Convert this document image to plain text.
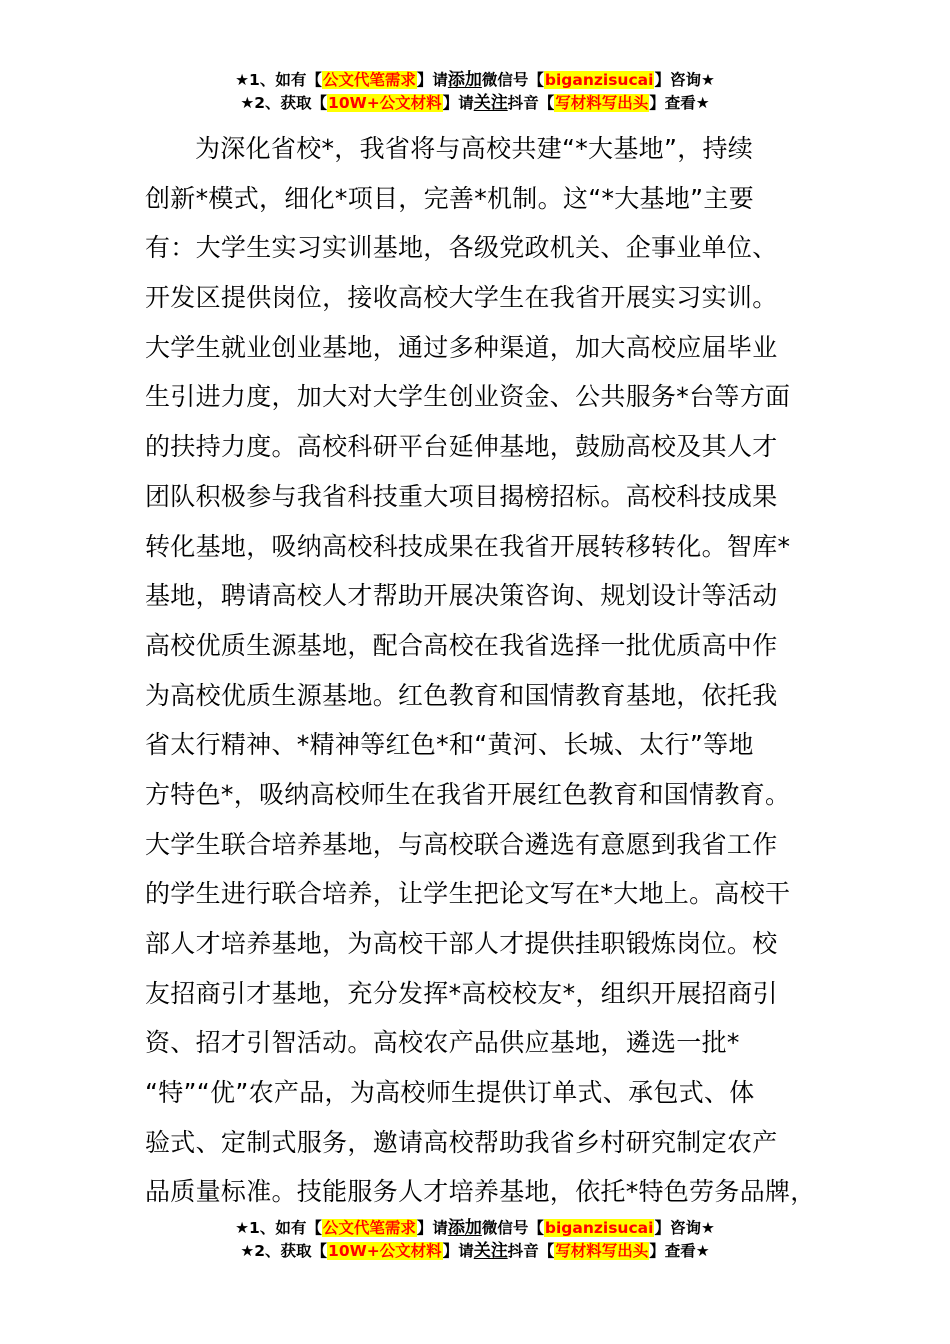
★1、如有【公文代笔需求】请添加微信号【biganzisucai】咨询★
★2、获取【10W+公文材料】请关注抖音【写材料写出头】查看★
为深化省校*，我省将与高校共建“*大基地”，持续
创新*模式，细化*项目，完善*机制。这“*大基地”主要
有：大学生实习实训基地，各级党政机关、企事业单位、
开发区提供岗位，接收高校大学生在我省开展实习实训。
大学生就业创业基地，通过多种渠道，加大高校应届毕业
生引进力度，加大对大学生创业资金、公共服务*台等方面
的扶持力度。高校科研平台延伸基地，鼓励高校及其人才
团队积极参与我省科技重大项目揭榜招标。高校科技成果
转化基地，吸纳高校科技成果在我省开展转移转化。智库*
基地，聘请高校人才帮助开展决策咨询、规划设计等活动
高校优质生源基地，配合高校在我省选择一批优质高中作
为高校优质生源基地。红色教育和国情教育基地，依托我
省太行精神、*精神等红色*和“黄河、长城、太行”等地
方特色*，吸纳高校师生在我省开展红色教育和国情教育。
大学生联合培养基地，与高校联合遴选有意愿到我省工作
的学生进行联合培养，让学生把论文写在*大地上。高校干
部人才培养基地，为高校干部人才提供挂职锻炼岗位。校
友招商引才基地，充分发挥*高校校友*，组织开展招商引
资、招才引智活动。高校农产品供应基地，遴选一批*
“特”“优”农产品，为高校师生提供订单式、承包式、体
验式、定制式服务，邀请高校帮助我省乡村研究制定农产
品质量标准。技能服务人才培养基地，依托*特色劳务品牌，
★1、如有【公文代笔需求】请添加微信号【biganzisucai】咨询★
★2、获取【10W+公文材料】请关注抖音【写材料写出头】查看★
